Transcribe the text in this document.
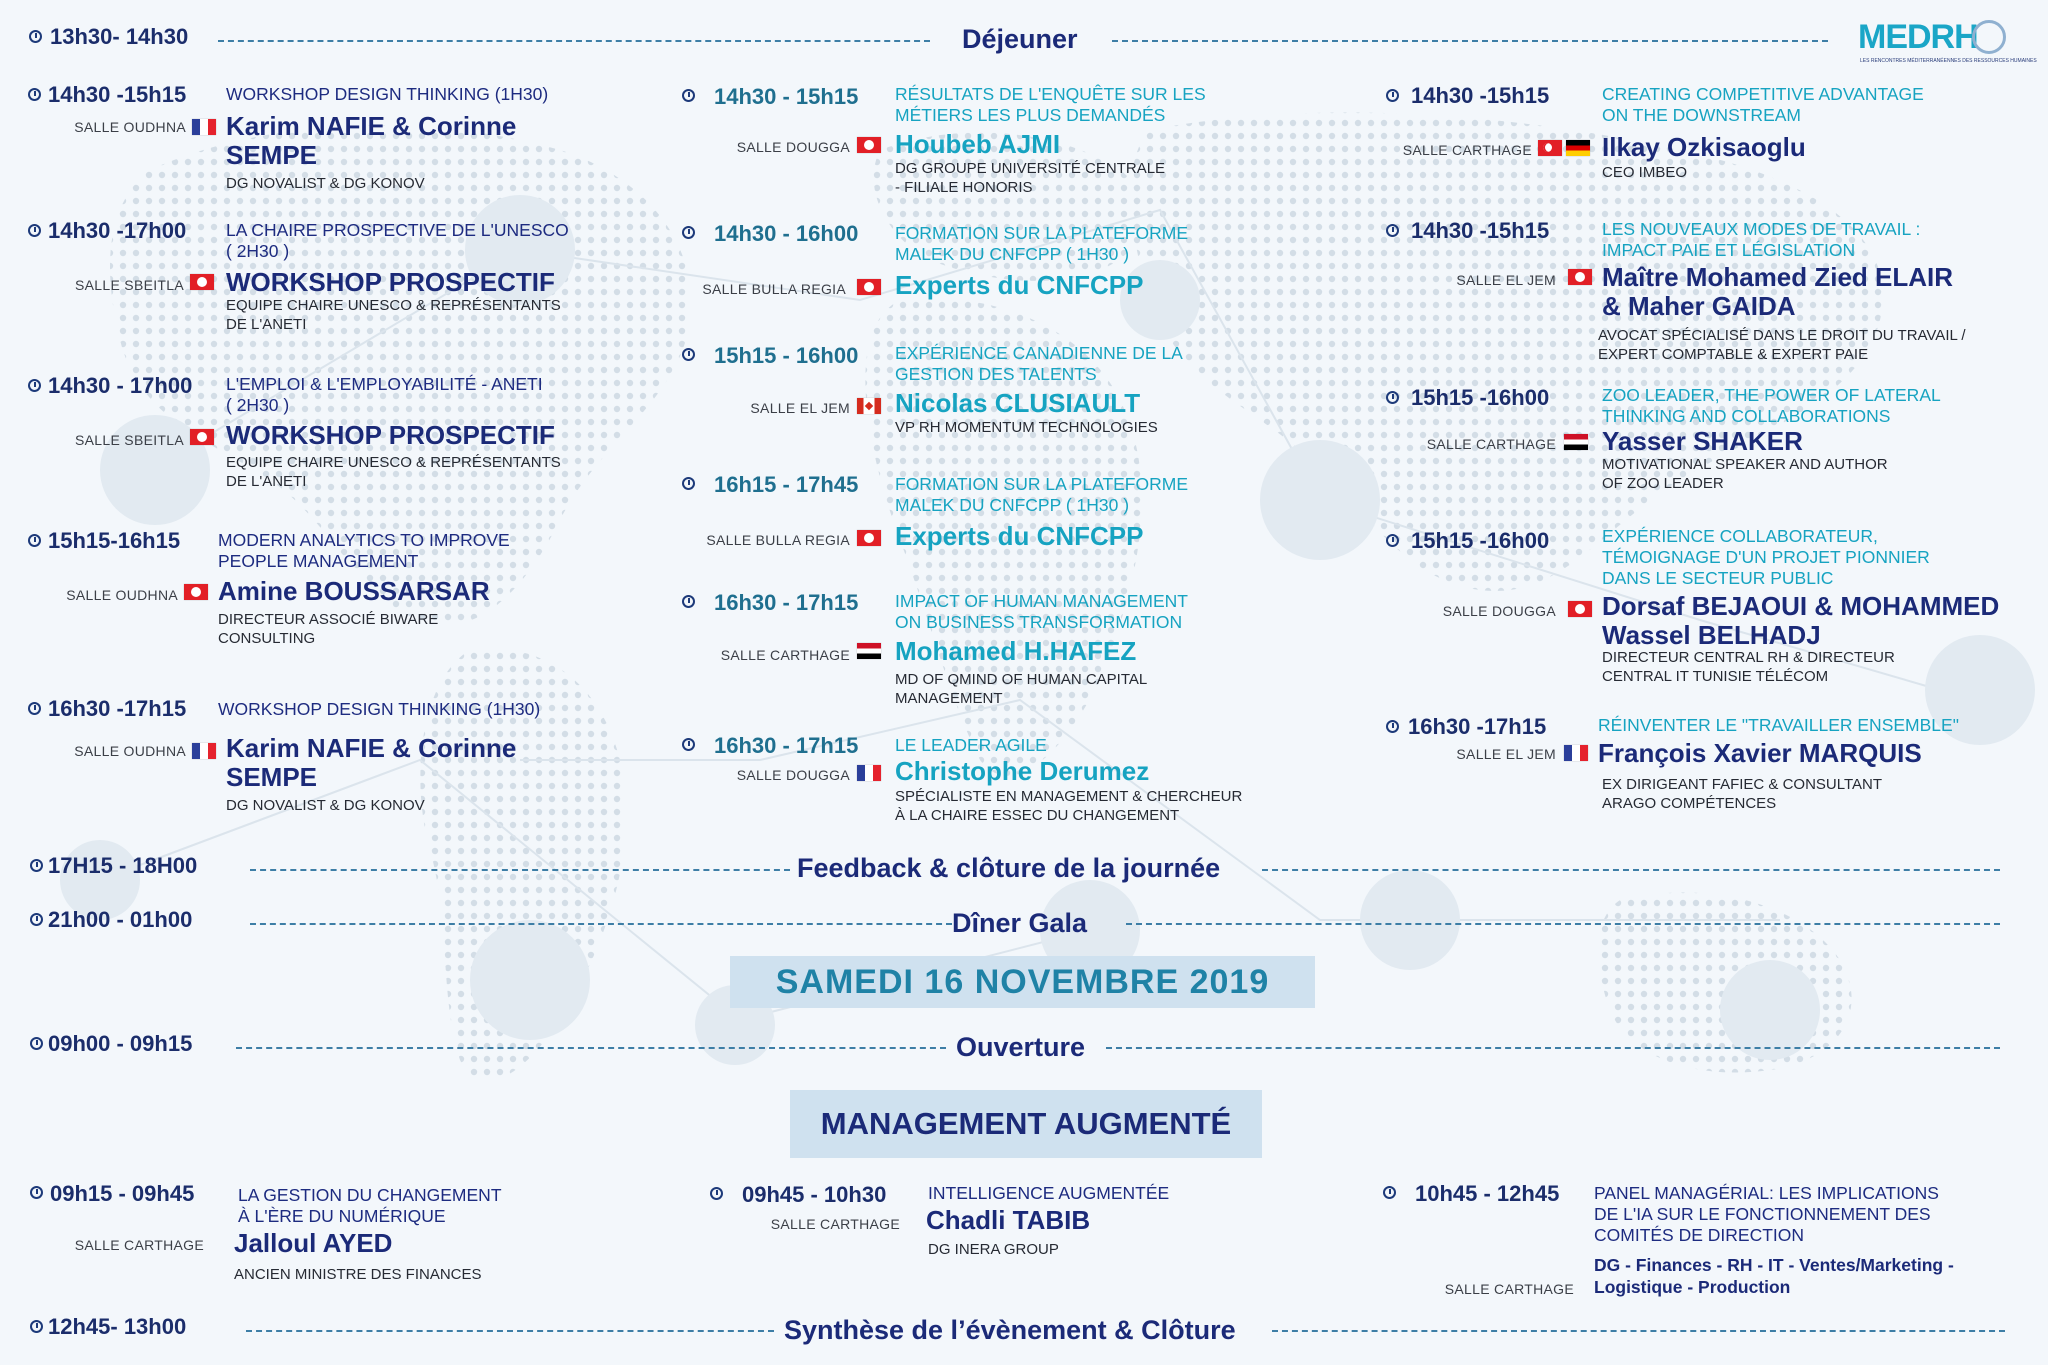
MEDRH
LES RENCONTRES MÉDITERRANÉENNES DES RESSOURCES HUMAINES
13h30- 14h30	Déjeuner
17H15 - 18H00	Feedback & clôture de la journée
21h00 - 01h00	Dîner Gala
SAMEDI 16 NOVEMBRE 2019
09h00 - 09h15	Ouverture
MANAGEMENT AUGMENTÉ
12h45- 13h00	Synthèse de l’évènement & Clôture
14h30 -15h15 WORKSHOP DESIGN THINKING (1H30)
SALLE OUDHNA Karim NAFIE & Corinne
SEMPE
DG NOVALIST & DG KONOV
14h30 -17h00 LA CHAIRE PROSPECTIVE DE L'UNESCO
( 2H30 )
SALLE SBEITLA WORKSHOP PROSPECTIF
EQUIPE CHAIRE UNESCO & REPRÉSENTANTS
DE L'ANETI
14h30 - 17h00 L'EMPLOI & L'EMPLOYABILITÉ - ANETI
( 2H30 )
SALLE SBEITLA WORKSHOP PROSPECTIF
EQUIPE CHAIRE UNESCO & REPRÉSENTANTS
DE L'ANETI
15h15-16h15 MODERN ANALYTICS TO IMPROVE
PEOPLE MANAGEMENT
SALLE OUDHNA Amine BOUSSARSAR
DIRECTEUR ASSOCIÉ BIWARE
CONSULTING
16h30 -17h15 WORKSHOP DESIGN THINKING (1H30)
SALLE OUDHNA Karim NAFIE & Corinne
SEMPE
DG NOVALIST & DG KONOV
14h30 - 15h15 RÉSULTATS DE L'ENQUÊTE SUR LES
MÉTIERS LES PLUS DEMANDÉS
SALLE DOUGGA Houbeb AJMI
DG GROUPE UNIVERSITÉ CENTRALE
- FILIALE HONORIS
14h30 - 16h00 FORMATION SUR LA PLATEFORME
MALEK DU CNFCPP ( 1H30 )
SALLE BULLA REGIA Experts du CNFCPP
15h15 - 16h00 EXPÉRIENCE CANADIENNE DE LA
GESTION DES TALENTS
SALLE EL JEM Nicolas CLUSIAULT
VP RH MOMENTUM TECHNOLOGIES
16h15 - 17h45 FORMATION SUR LA PLATEFORME
MALEK DU CNFCPP ( 1H30 )
SALLE BULLA REGIA Experts du CNFCPP
16h30 - 17h15 IMPACT OF HUMAN MANAGEMENT
ON BUSINESS TRANSFORMATION
SALLE CARTHAGE Mohamed H.HAFEZ
MD OF QMIND OF HUMAN CAPITAL
MANAGEMENT
16h30 - 17h15 LE LEADER AGILE
SALLE DOUGGA Christophe Derumez
SPÉCIALISTE EN MANAGEMENT & CHERCHEUR
À LA CHAIRE ESSEC DU CHANGEMENT
14h30 -15h15	CREATING COMPETITIVE ADVANTAGE
ON THE DOWNSTREAM
SALLE CARTHAGE	Ilkay Ozkisaoglu
CEO IMBEO
14h30 -15h15	LES NOUVEAUX MODES DE TRAVAIL :
IMPACT PAIE ET LÉGISLATION
SALLE EL JEM Maître Mohamed Zied ELAIR
& Maher GAIDA
AVOCAT SPÉCIALISÉ DANS LE DROIT DU TRAVAIL /
EXPERT COMPTABLE & EXPERT PAIE
15h15 -16h00	ZOO LEADER, THE POWER OF LATERAL
THINKING AND COLLABORATIONS
SALLE CARTHAGE Yasser SHAKER
MOTIVATIONAL SPEAKER AND AUTHOR
OF ZOO LEADER
15h15 -16h00	EXPÉRIENCE COLLABORATEUR,
TÉMOIGNAGE D'UN PROJET PIONNIER
DANS LE SECTEUR PUBLIC
SALLE DOUGGA Dorsaf BEJAOUI & MOHAMMED
Wassel BELHADJ
DIRECTEUR CENTRAL RH & DIRECTEUR
CENTRAL IT TUNISIE TÉLÉCOM
16h30 -17h15	RÉINVENTER LE "TRAVAILLER ENSEMBLE"
SALLE EL JEM François Xavier MARQUIS
EX DIRIGEANT FAFIEC & CONSULTANT
ARAGO COMPÉTENCES
09h15 - 09h45 LA GESTION DU CHANGEMENT
À L'ÈRE DU NUMÉRIQUE
SALLE CARTHAGE Jalloul AYED
ANCIEN MINISTRE DES FINANCES
09h45 - 10h30 INTELLIGENCE AUGMENTÉE
SALLE CARTHAGE Chadli TABIB
DG INERA GROUP
10h45 - 12h45 PANEL MANAGÉRIAL: LES IMPLICATIONS
DE L'IA SUR LE FONCTIONNEMENT DES
COMITÉS DE DIRECTION
SALLE CARTHAGE
DG - Finances - RH - IT - Ventes/Marketing -
Logistique - Production
